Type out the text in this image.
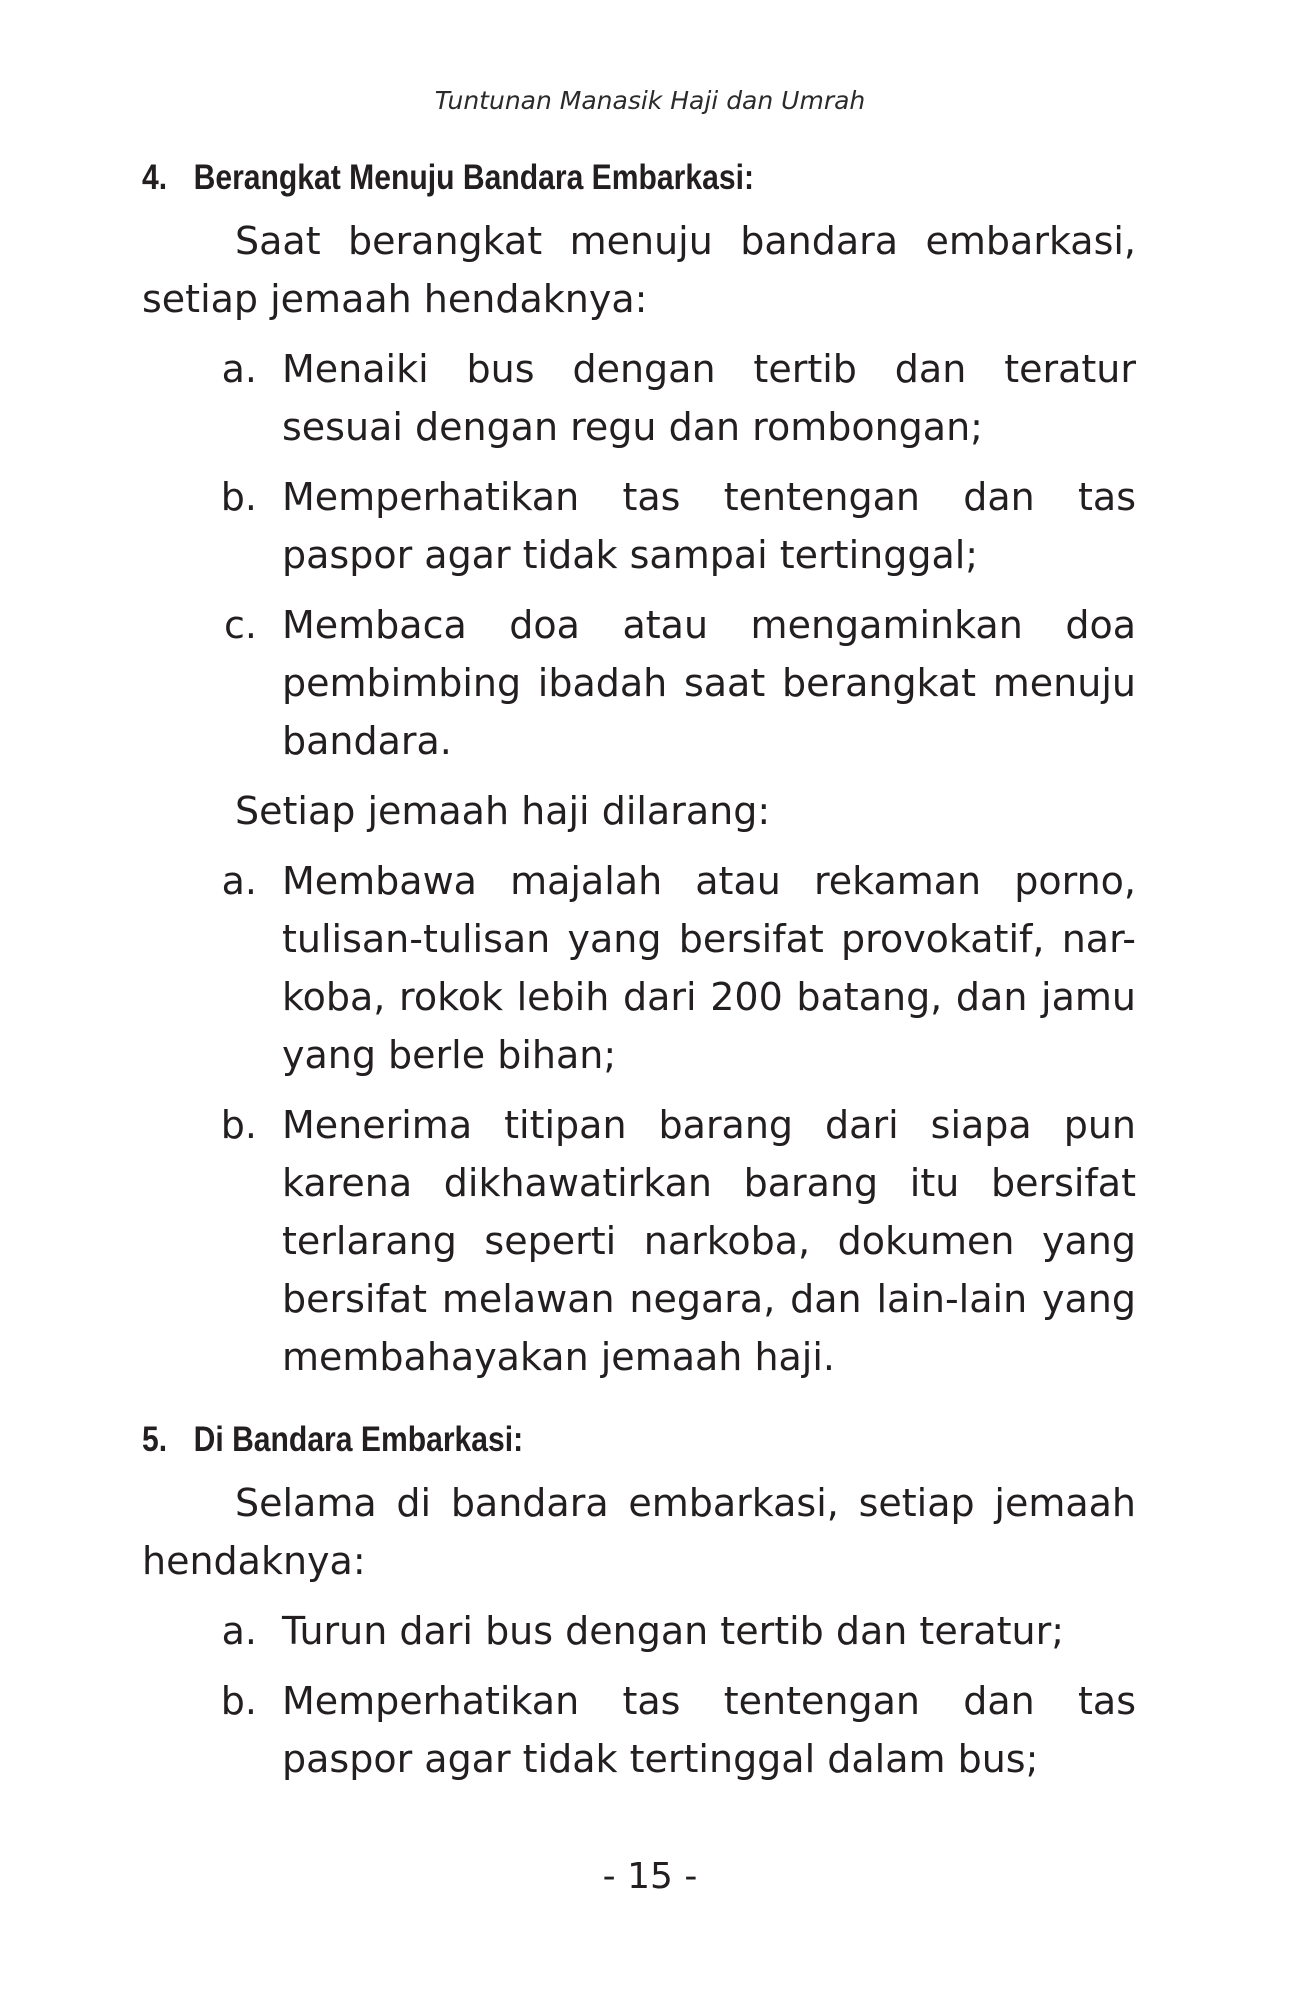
Tuntunan Manasik Haji dan Umrah
4. Berangkat Menuju Bandara Embarkasi:
Saat berangkat menuju bandara embarkasi, setiap jemaah hendaknya:
a. Menaiki bus dengan tertib dan teratur sesuai dengan regu dan rombongan;
b. Memperhatikan tas tentengan dan tas paspor agar tidak sampai tertinggal;
c. Membaca doa atau mengaminkan doa pembimbing ibadah saat berangkat menuju bandara.
Setiap jemaah haji dilarang:
a. Membawa majalah atau rekaman porno, tulisan-tulisan yang bersifat provokatif, nar-koba, rokok lebih dari 200 batang, dan jamu yang berle bihan;
b. Menerima titipan barang dari siapa pun karena dikhawatirkan barang itu bersifat terlarang seperti narkoba, dokumen yang bersifat melawan negara, dan lain-lain yang membahayakan jemaah haji.
5. Di Bandara Embarkasi:
Selama di bandara embarkasi, setiap jemaah hendaknya:
a. Turun dari bus dengan tertib dan teratur;
b. Memperhatikan tas tentengan dan tas paspor agar tidak tertinggal dalam bus;
- 15 -
